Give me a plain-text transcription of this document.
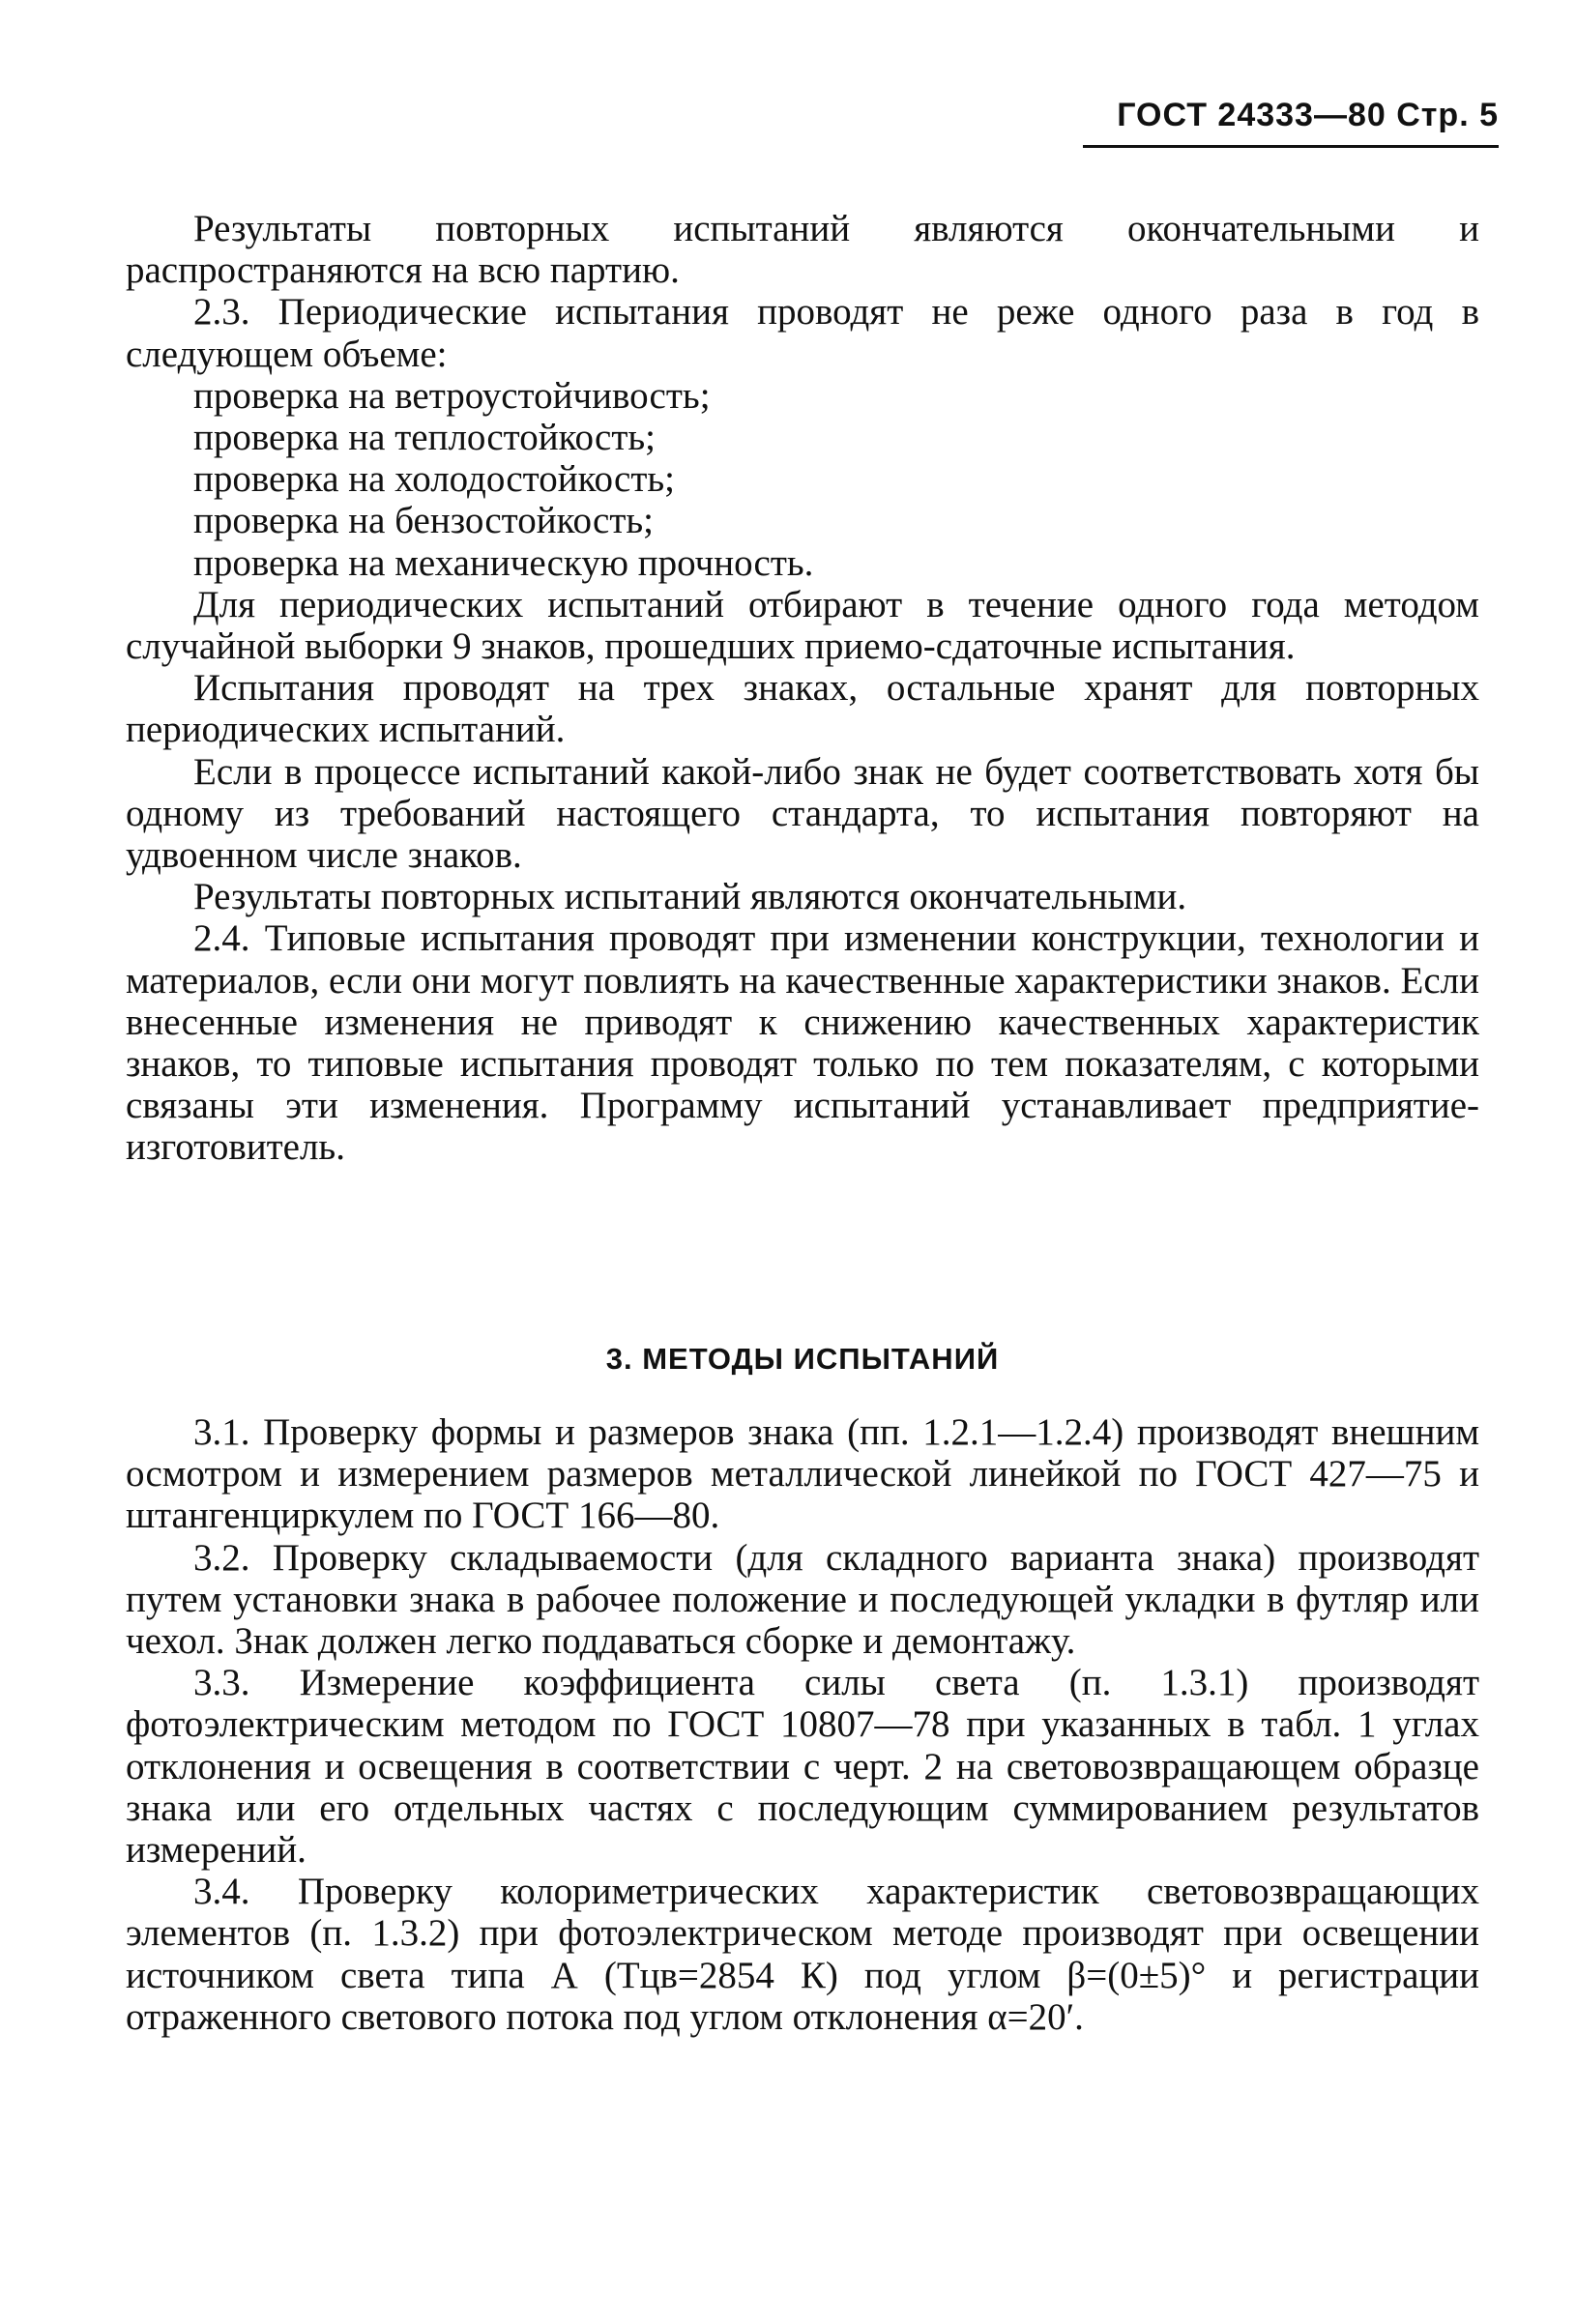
ГОСТ 24333—80 Стр. 5

Результаты повторных испытаний являются окончательными и распространяются на всю партию.

2.3. Периодические испытания проводят не реже одного раза в год в следующем объеме:

проверка на ветроустойчивость;

проверка на теплостойкость;

проверка на холодостойкость;

проверка на бензостойкость;

проверка на механическую прочность.

Для периодических испытаний отбирают в течение одного года методом случайной выборки 9 знаков, прошедших приемо-сдаточные испытания.

Испытания проводят на трех знаках, остальные хранят для повторных периодических испытаний.

Если в процессе испытаний какой-либо знак не будет соответствовать хотя бы одному из требований настоящего стандарта, то испытания повторяют на удвоенном числе знаков.

Результаты повторных испытаний являются окончательными.

2.4. Типовые испытания проводят при изменении конструкции, технологии и материалов, если они могут повлиять на качественные характеристики знаков. Если внесенные изменения не приводят к снижению качественных характеристик знаков, то типовые испытания проводят только по тем показателям, с которыми связаны эти изменения. Программу испытаний устанавливает предприятие-изготовитель.

3. МЕТОДЫ ИСПЫТАНИЙ

3.1. Проверку формы и размеров знака (пп. 1.2.1—1.2.4) производят внешним осмотром и измерением размеров металлической линейкой по ГОСТ 427—75 и штангенциркулем по ГОСТ 166—80.

3.2. Проверку складываемости (для складного варианта знака) производят путем установки знака в рабочее положение и последующей укладки в футляр или чехол. Знак должен легко поддаваться сборке и демонтажу.

3.3. Измерение коэффициента силы света (п. 1.3.1) производят фотоэлектрическим методом по ГОСТ 10807—78 при указанных в табл. 1 углах отклонения и освещения в соответствии с черт. 2 на световозвращающем образце знака или его отдельных частях с последующим суммированием результатов измерений.

3.4. Проверку колориметрических характеристик световозвращающих элементов (п. 1.3.2) при фотоэлектрическом методе производят при освещении источником света типа А (Тцв=2854 К) под углом β=(0±5)° и регистрации отраженного светового потока под углом отклонения α=20′.
